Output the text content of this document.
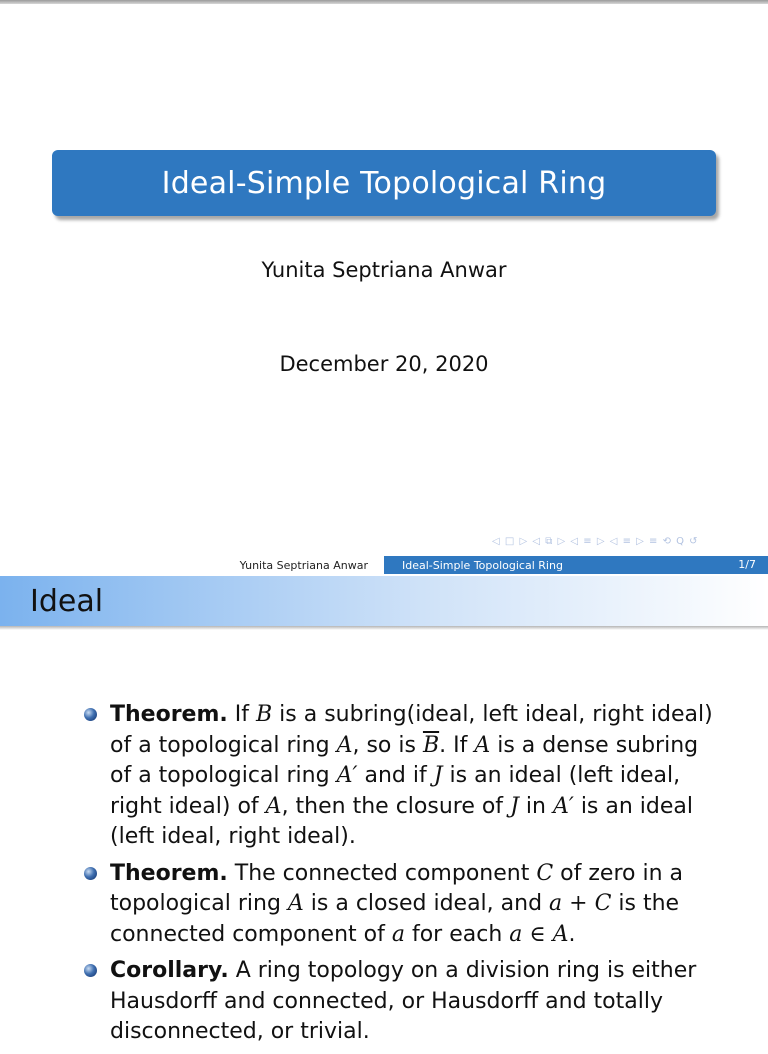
Ideal-Simple Topological Ring
Yunita Septriana Anwar
December 20, 2020
◁ □ ▷ ◁ ⧉ ▷ ◁ ≡ ▷ ◁ ≡ ▷ ≡ ⟲ Q ↺
Yunita Septriana Anwar	Ideal-Simple Topological Ring	1/7
Ideal
Theorem. If B is a subring(ideal, left ideal, right ideal) of a topological ring A, so is $\overline{B}$. If A is a dense subring of a topological ring A′ and if J is an ideal (left ideal, right ideal) of A, then the closure of J in A′ is an ideal (left ideal, right ideal).
Theorem. The connected component C of zero in a topological ring A is a closed ideal, and a + C is the connected component of a for each a ∈ A.
Corollary. A ring topology on a division ring is either Hausdorff and connected, or Hausdorff and totally disconnected, or trivial.
